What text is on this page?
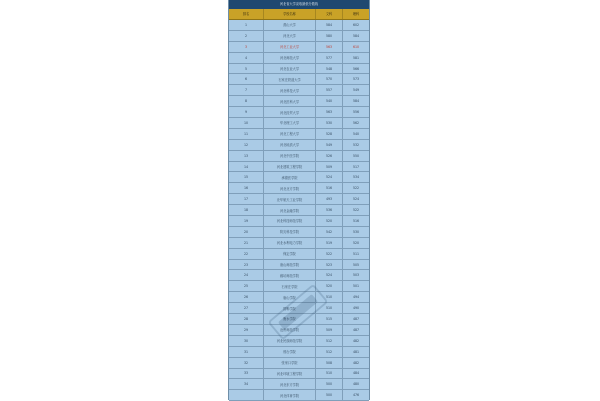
河北省大学录取最低分数线
排名	学校名称	文科	理科
1	燕山大学	584	602
2	河北大学	580	584
3	河北工业大学	563	610
4	河北师范大学	577	581
5	河北农业大学	548	566
6	石家庄铁道大学	570	573
7	河北科技大学	557	549
8	河北医科大学	540	584
9	河北经贸大学	563	556
10	华北理工大学	530	562
11	河北工程大学	528	540
12	河北地质大学	549	532
13	河北中医学院	526	550
14	河北建筑工程学院	509	517
15	承德医学院	524	534
16	河北北方学院	516	522
17	北华航天工业学院	493	524
18	河北金融学院	536	522
19	河北科技师范学院	520	516
20	防灾科技学院	542	530
21	河北水利电力学院	519	520
22	保定学院	522	511
23	唐山师范学院	523	505
24	廊坊师范学院	524	503
25	石家庄学院	520	501
26	唐山学院	510	494
27	邯郸学院	510	490
28	衡水学院	515	487
29	沧州师范学院	509	487
30	河北民族师范学院	512	482
31	邢台学院	512	481
32	张家口学院	508	482
33	河北环境工程学院	510	484
34	河北东方学院	500	480
河北体育学院	500	476
